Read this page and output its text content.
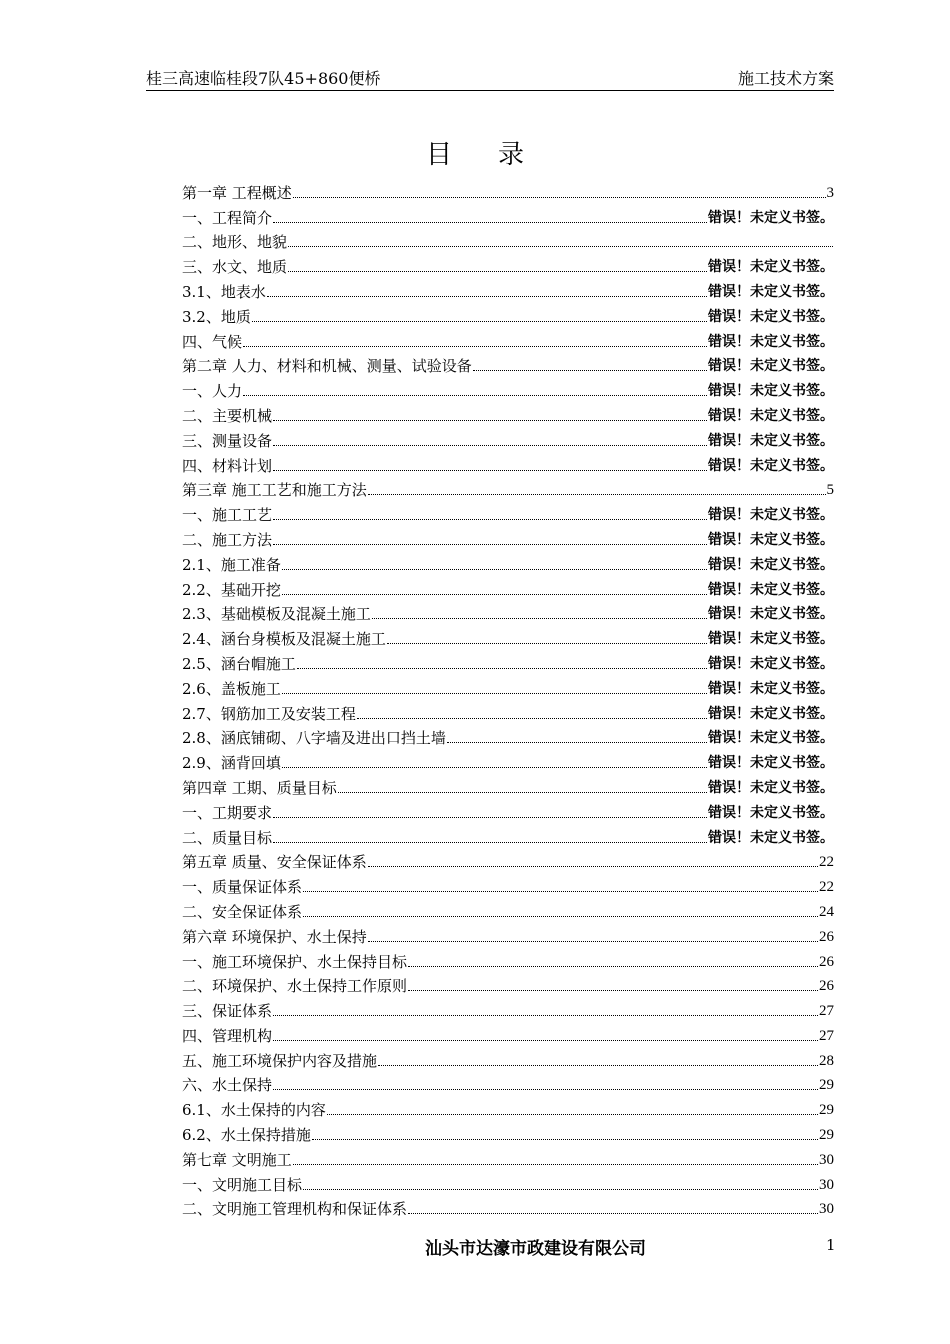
桂三高速临桂段7队45+860便桥	施工技术方案
目录
第一章 工程概述	3
一、工程简介	错误！未定义书签。
二、地形、地貌
三、水文、地质	错误！未定义书签。
3.1、地表水	错误！未定义书签。
3.2、地质	错误！未定义书签。
四、气候	错误！未定义书签。
第二章 人力、材料和机械、测量、试验设备	错误！未定义书签。
一、人力	错误！未定义书签。
二、主要机械	错误！未定义书签。
三、测量设备	错误！未定义书签。
四、材料计划	错误！未定义书签。
第三章 施工工艺和施工方法	5
一、施工工艺	错误！未定义书签。
二、施工方法	错误！未定义书签。
2.1、施工准备	错误！未定义书签。
2.2、基础开挖	错误！未定义书签。
2.3、基础模板及混凝土施工	错误！未定义书签。
2.4、涵台身模板及混凝土施工	错误！未定义书签。
2.5、涵台帽施工	错误！未定义书签。
2.6、盖板施工	错误！未定义书签。
2.7、钢筋加工及安装工程	错误！未定义书签。
2.8、涵底铺砌、八字墙及进出口挡土墙	错误！未定义书签。
2.9、涵背回填	错误！未定义书签。
第四章 工期、质量目标	错误！未定义书签。
一、工期要求	错误！未定义书签。
二、质量目标	错误！未定义书签。
第五章 质量、安全保证体系	22
一、质量保证体系	22
二、安全保证体系	24
第六章 环境保护、水土保持	26
一、施工环境保护、水土保持目标	26
二、环境保护、水土保持工作原则	26
三、保证体系	27
四、管理机构	27
五、施工环境保护内容及措施	28
六、水土保持	29
6.1、水土保持的内容	29
6.2、水土保持措施	29
第七章 文明施工	30
一、文明施工目标	30
二、文明施工管理机构和保证体系	30
汕头市达濠市政建设有限公司	1
